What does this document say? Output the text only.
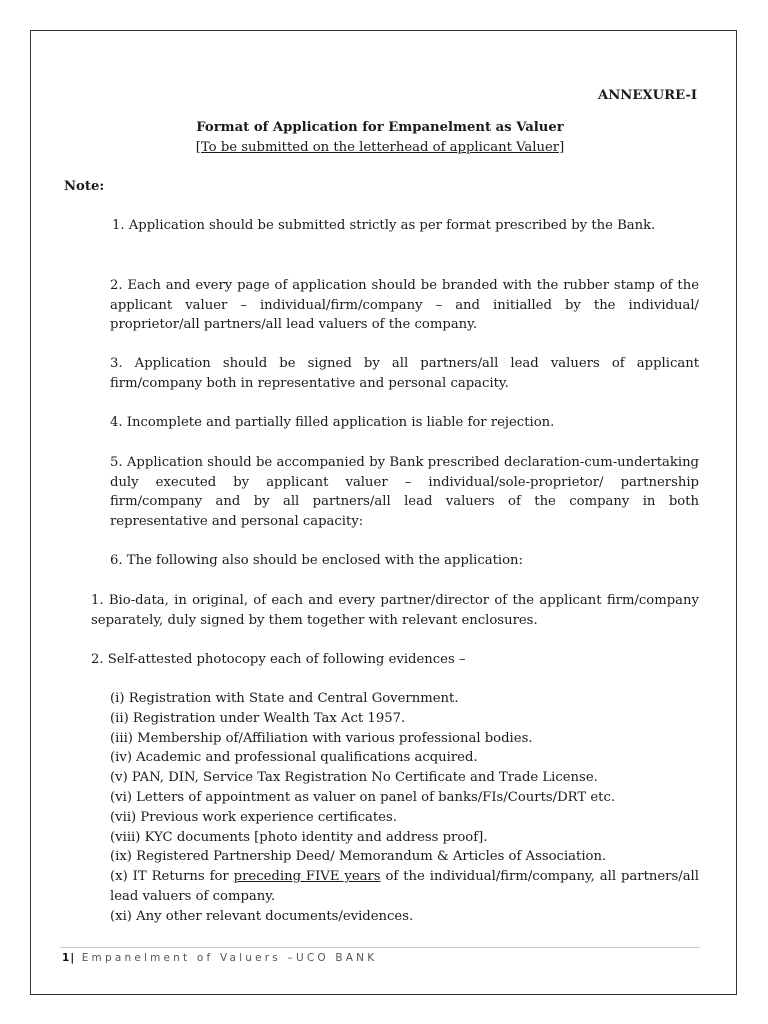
ANNEXURE-I
Format of Application for Empanelment as Valuer
[To be submitted on the letterhead of applicant Valuer]
Note:
1. Application should be submitted strictly as per format prescribed by the Bank.
2. Each and every page of application should be branded with the rubber stamp of the applicant valuer – individual/firm/company – and initialled by the individual/ proprietor/all partners/all lead valuers of the company.
3. Application should be signed by all partners/all lead valuers of applicant firm/company both in representative and personal capacity.
4. Incomplete and partially filled application is liable for rejection.
5. Application should be accompanied by Bank prescribed declaration-cum-undertaking duly executed by applicant valuer – individual/sole-proprietor/ partnership firm/company and by all partners/all lead valuers of the company in both representative and personal capacity:
6. The following also should be enclosed with the application:
1. Bio-data, in original, of each and every partner/director of the applicant firm/company separately, duly signed by them together with relevant enclosures.
2. Self-attested photocopy each of following evidences –
(i) Registration with State and Central Government.
(ii) Registration under Wealth Tax Act 1957.
(iii) Membership of/Affiliation with various professional bodies.
(iv) Academic and professional qualifications acquired.
(v) PAN, DIN, Service Tax Registration No Certificate and Trade License.
(vi) Letters of appointment as valuer on panel of banks/FIs/Courts/DRT etc.
(vii) Previous work experience certificates.
(viii) KYC documents [photo identity and address proof].
(ix) Registered Partnership Deed/ Memorandum & Articles of Association.
(x) IT Returns for preceding FIVE years of the individual/firm/company, all partners/all lead valuers of company.
(xi) Any other relevant documents/evidences.
1| Empanelment of Valuers –UCO BANK
